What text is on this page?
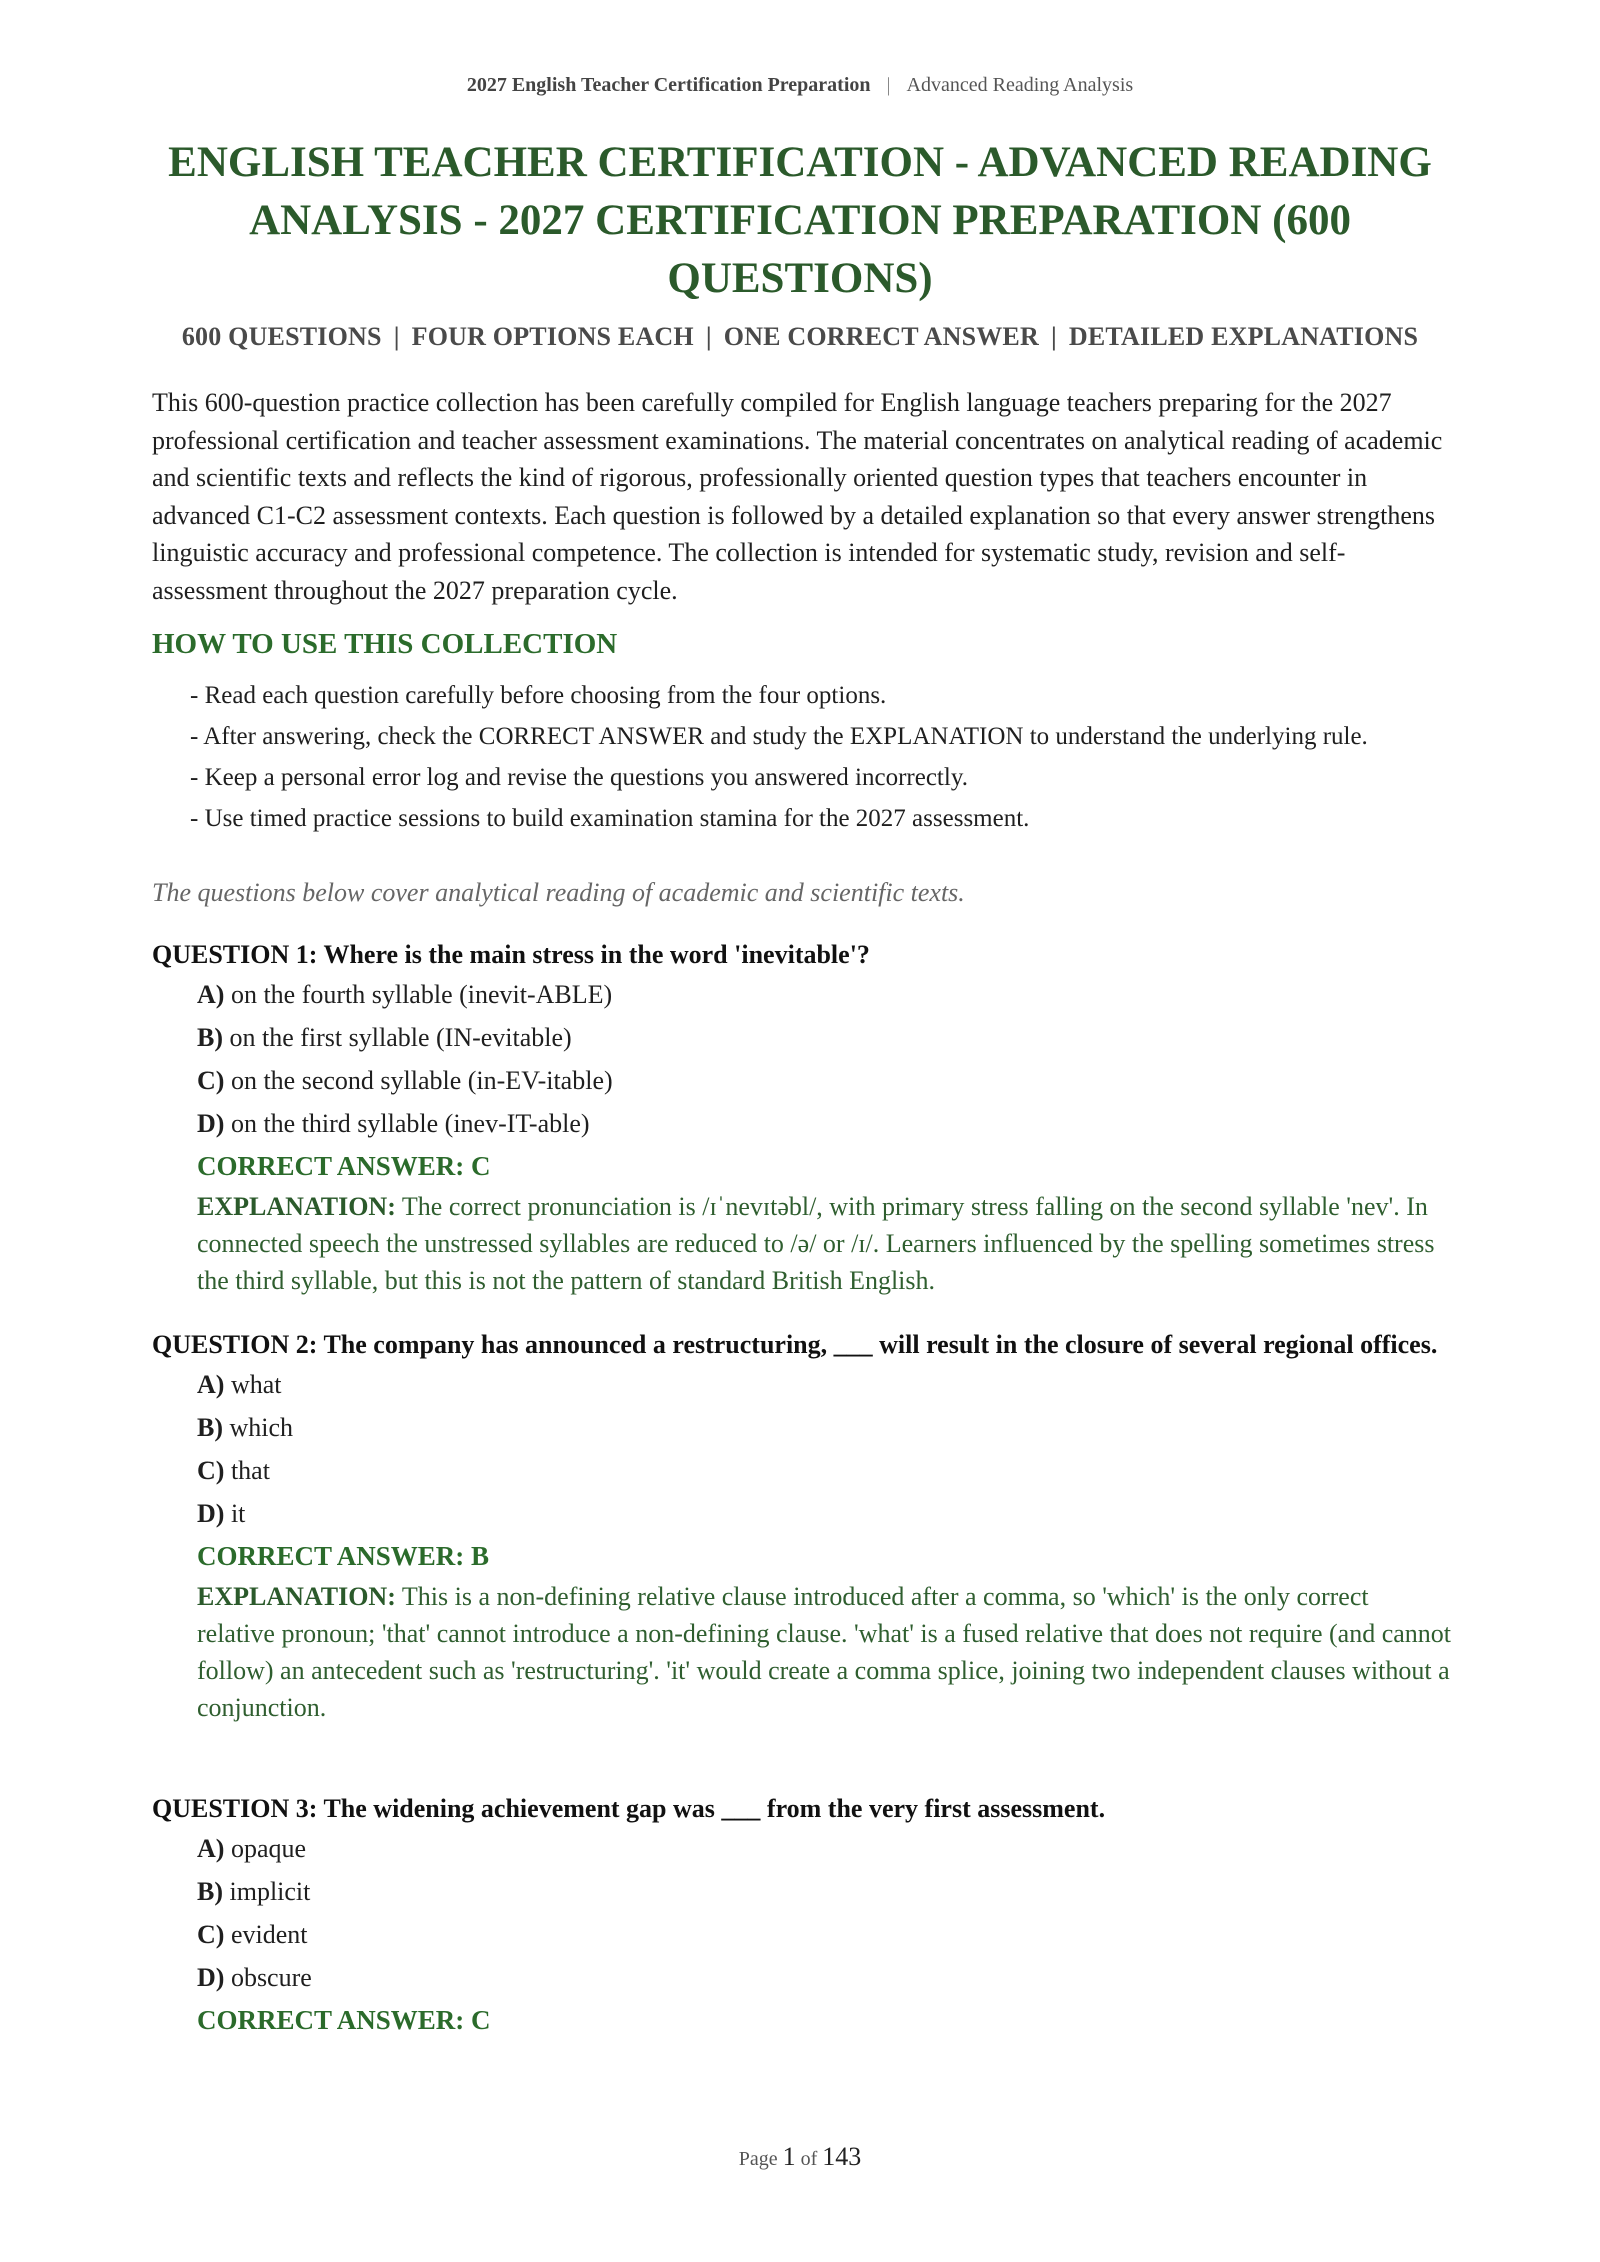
2027 English Teacher Certification Preparation | Advanced Reading Analysis
ENGLISH TEACHER CERTIFICATION - ADVANCED READING ANALYSIS - 2027 CERTIFICATION PREPARATION (600 QUESTIONS)
600 QUESTIONS | FOUR OPTIONS EACH | ONE CORRECT ANSWER | DETAILED EXPLANATIONS

This 600-question practice collection has been carefully compiled for English language teachers preparing for the 2027 professional certification and teacher assessment examinations. The material concentrates on analytical reading of academic and scientific texts and reflects the kind of rigorous, professionally oriented question types that teachers encounter in advanced C1-C2 assessment contexts. Each question is followed by a detailed explanation so that every answer strengthens linguistic accuracy and professional competence. The collection is intended for systematic study, revision and self-assessment throughout the 2027 preparation cycle.

HOW TO USE THIS COLLECTION
- Read each question carefully before choosing from the four options.
- After answering, check the CORRECT ANSWER and study the EXPLANATION to understand the underlying rule.
- Keep a personal error log and revise the questions you answered incorrectly.
- Use timed practice sessions to build examination stamina for the 2027 assessment.

The questions below cover analytical reading of academic and scientific texts.

QUESTION 1: Where is the main stress in the word 'inevitable'?

A) on the fourth syllable (inevit-ABLE)
B) on the first syllable (IN-evitable)
C) on the second syllable (in-EV-itable)
D) on the third syllable (inev-IT-able)
CORRECT ANSWER: C

EXPLANATION: The correct pronunciation is /ɪˈnevɪtəbl/, with primary stress falling on the second syllable 'nev'. In connected speech the unstressed syllables are reduced to /ə/ or /ɪ/. Learners influenced by the spelling sometimes stress the third syllable, but this is not the pattern of standard British English.

QUESTION 2: The company has announced a restructuring, ___ will result in the closure of several regional offices.

A) what
B) which
C) that
D) it
CORRECT ANSWER: B

EXPLANATION: This is a non-defining relative clause introduced after a comma, so 'which' is the only correct relative pronoun; 'that' cannot introduce a non-defining clause. 'what' is a fused relative that does not require (and cannot follow) an antecedent such as 'restructuring'. 'it' would create a comma splice, joining two independent clauses without a conjunction.

QUESTION 3: The widening achievement gap was ___ from the very first assessment.

A) opaque
B) implicit
C) evident
D) obscure
CORRECT ANSWER: C
Page 1 of 143
